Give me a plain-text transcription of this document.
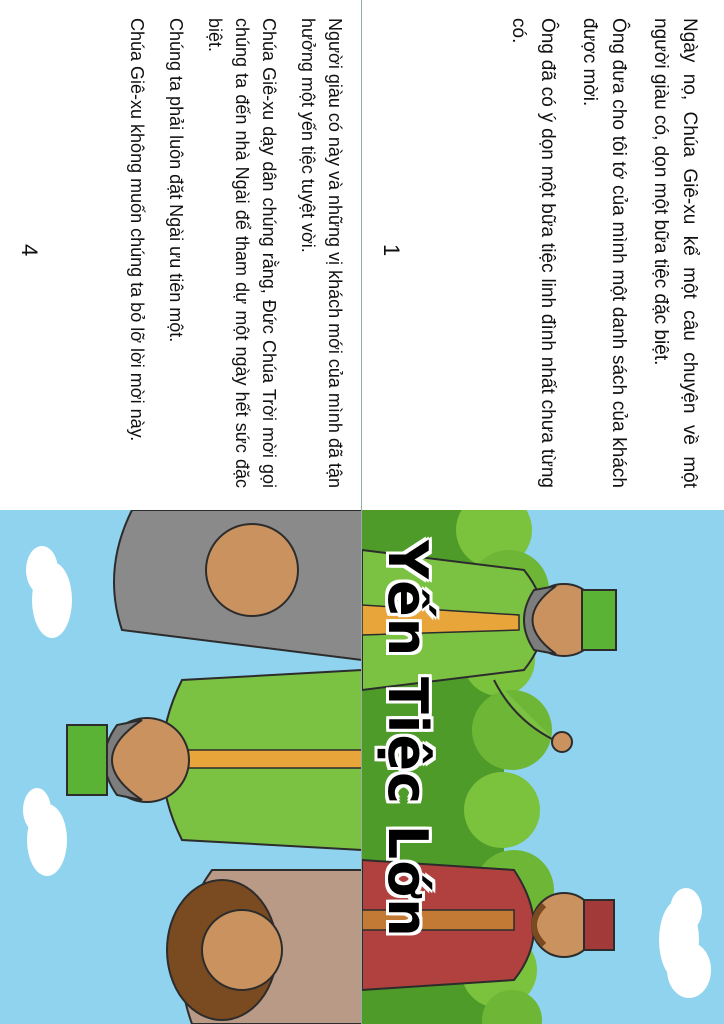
Yến Tiệc Lớn

Ngày nọ, Chúa Giê-xu kể một câu chuyện về một người giàu có, dọn một bữa tiệc đặc biệt.

Ông đưa cho tôi tớ của mình một danh sách của khách được mời.

Ông đã có ý dọn một bữa tiệc linh đình nhất chưa từng có.

1

Người giàu có này và những vị khách mới của mình đã tận hưởng một yến tiệc tuyệt vời.

Chúa Giê-xu dạy dân chúng rằng, Đức Chúa Trời mời gọi chúng ta đến nhà Ngài để tham dự một ngày hết sức đặc biệt.

Chúng ta phải luôn đặt Ngài ưu tiên một.

Chúa Giê-xu không muốn chúng ta bỏ lỡ lời mời này.

4
